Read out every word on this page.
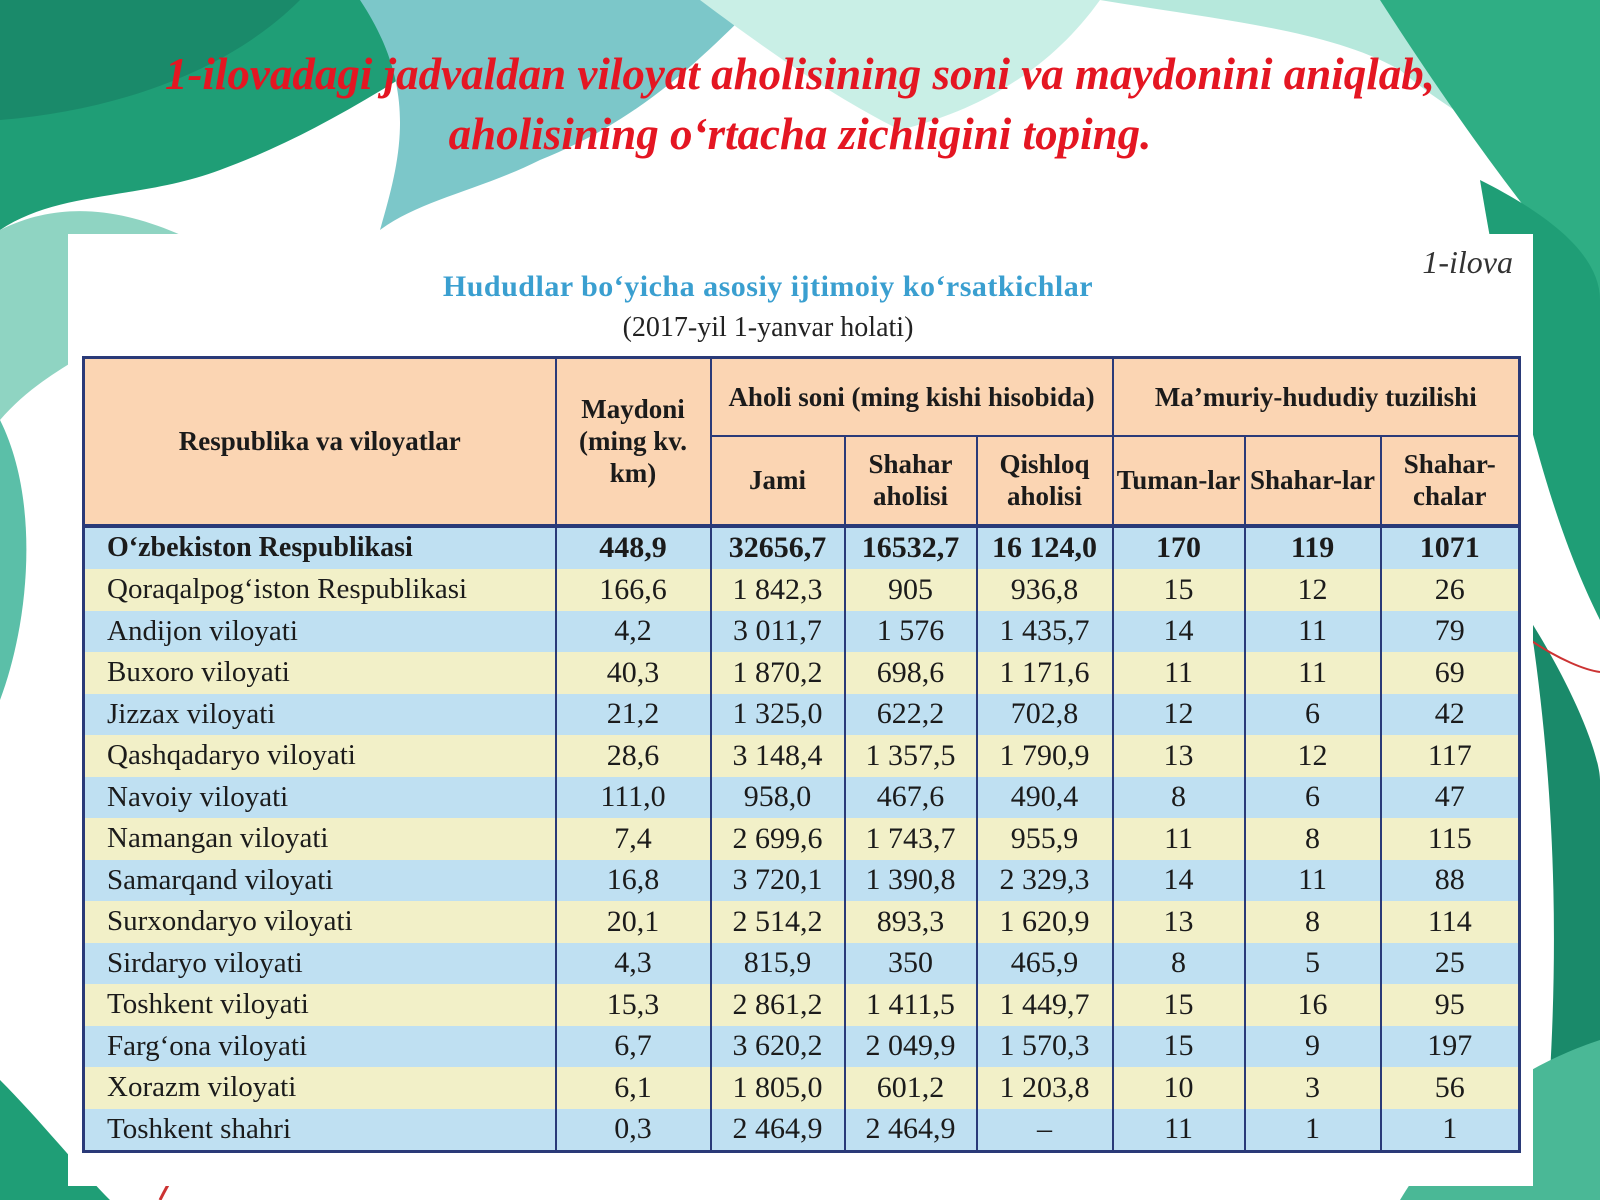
1-ilovadagi jadvaldan viloyat aholisining soni va maydonini aniqlab,
aholisining o‘rtacha zichligini toping.
1-ilova
Hududlar bo‘yicha asosiy ijtimoiy ko‘rsatkichlar
(2017-yil 1-yanvar holati)
Respublika va viloyatlar	Maydoni (ming kv. km)	Aholi soni (ming kishi hisobida)			Ma’muriy-hududiy tuzilishi		
		Jami	Shahar aholisi	Qishloq aholisi	Tuman-lar	Shahar-lar	Shahar-chalar
O‘zbekiston Respublikasi	448,9	32656,7	16532,7	16 124,0	170	119	1071
Qoraqalpog‘iston Respublikasi	166,6	1 842,3	905	936,8	15	12	26
Andijon viloyati	4,2	3 011,7	1 576	1 435,7	14	11	79
Buxoro viloyati	40,3	1 870,2	698,6	1 171,6	11	11	69
Jizzax viloyati	21,2	1 325,0	622,2	702,8	12	6	42
Qashqadaryo viloyati	28,6	3 148,4	1 357,5	1 790,9	13	12	117
Navoiy viloyati	111,0	958,0	467,6	490,4	8	6	47
Namangan viloyati	7,4	2 699,6	1 743,7	955,9	11	8	115
Samarqand viloyati	16,8	3 720,1	1 390,8	2 329,3	14	11	88
Surxondaryo viloyati	20,1	2 514,2	893,3	1 620,9	13	8	114
Sirdaryo viloyati	4,3	815,9	350	465,9	8	5	25
Toshkent viloyati	15,3	2 861,2	1 411,5	1 449,7	15	16	95
Farg‘ona viloyati	6,7	3 620,2	2 049,9	1 570,3	15	9	197
Xorazm viloyati	6,1	1 805,0	601,2	1 203,8	10	3	56
Toshkent shahri	0,3	2 464,9	2 464,9	–	11	1	1
